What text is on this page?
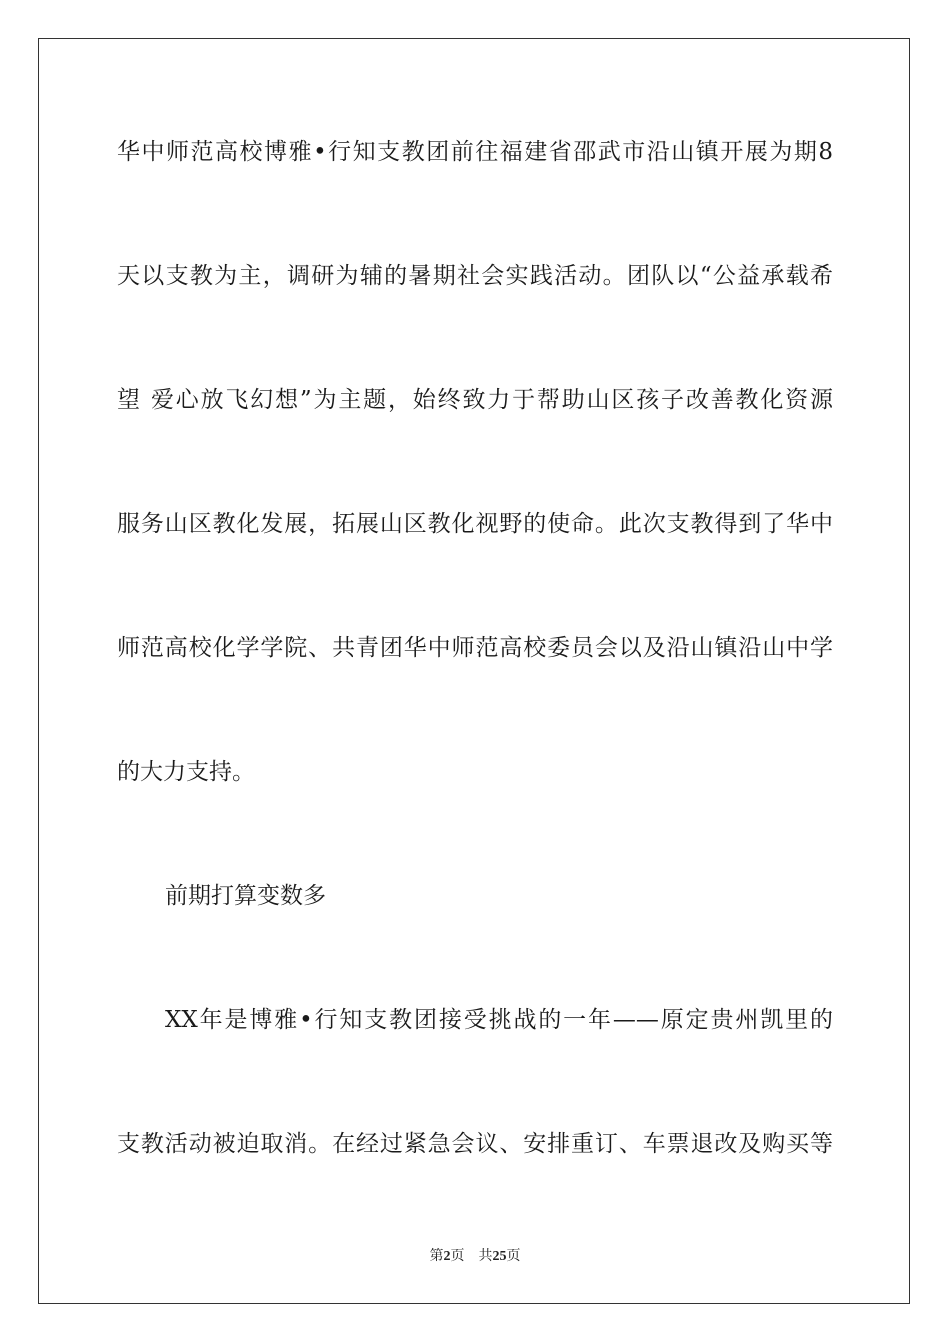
华中师范高校博雅•行知支教团前往福建省邵武市沿山镇开展为期8
天以支教为主，调研为辅的暑期社会实践活动。团队以“公益承载希
望 爱心放飞幻想”为主题，始终致力于帮助山区孩子改善教化资源
服务山区教化发展，拓展山区教化视野的使命。此次支教得到了华中
师范高校化学学院、共青团华中师范高校委员会以及沿山镇沿山中学
的大力支持。
前期打算变数多
XX年是博雅•行知支教团接受挑战的一年——原定贵州凯里的
支教活动被迫取消。在经过紧急会议、安排重订、车票退改及购买等
第2页 共25页
